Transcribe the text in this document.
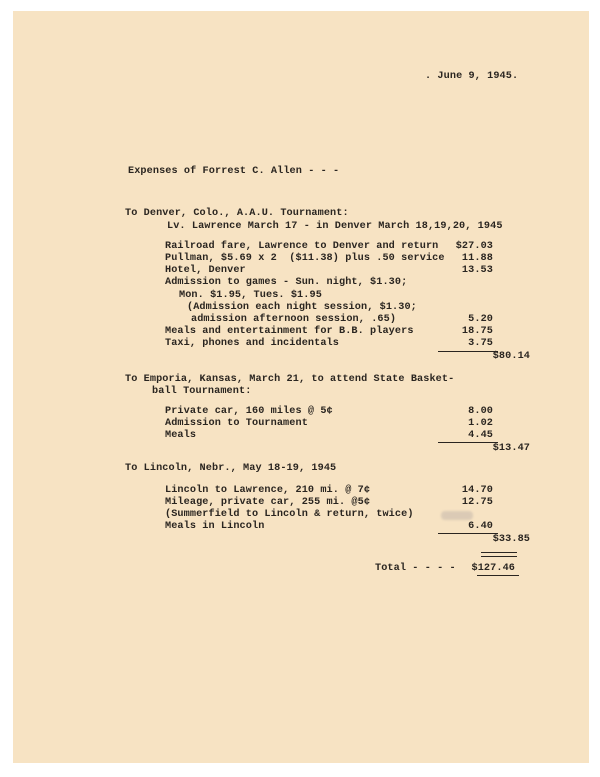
. June 9, 1945.
Expenses of Forrest C. Allen - - -
To Denver, Colo., A.A.U. Tournament:
Lv. Lawrence March 17 - in Denver March 18,19,20, 1945
Railroad fare, Lawrence to Denver and return	$27.03
Pullman, $5.69 x 2  ($11.38) plus .50 service	11.88
Hotel, Denver	13.53
Admission to games - Sun. night, $1.30;
Mon. $1.95, Tues. $1.95
(Admission each night session, $1.30;
admission afternoon session, .65)	5.20
Meals and entertainment for B.B. players	18.75
Taxi, phones and incidentals	3.75
$80.14
To Emporia, Kansas, March 21, to attend State Basket-
ball Tournament:
Private car, 160 miles @ 5¢	8.00
Admission to Tournament	1.02
Meals	4.45
$13.47
To Lincoln, Nebr., May 18-19, 1945
Lincoln to Lawrence, 210 mi. @ 7¢	14.70
Mileage, private car, 255 mi. @5¢	12.75
(Summerfield to Lincoln & return, twice)
Meals in Lincoln	6.40
$33.85
Total - - - -	$127.46
